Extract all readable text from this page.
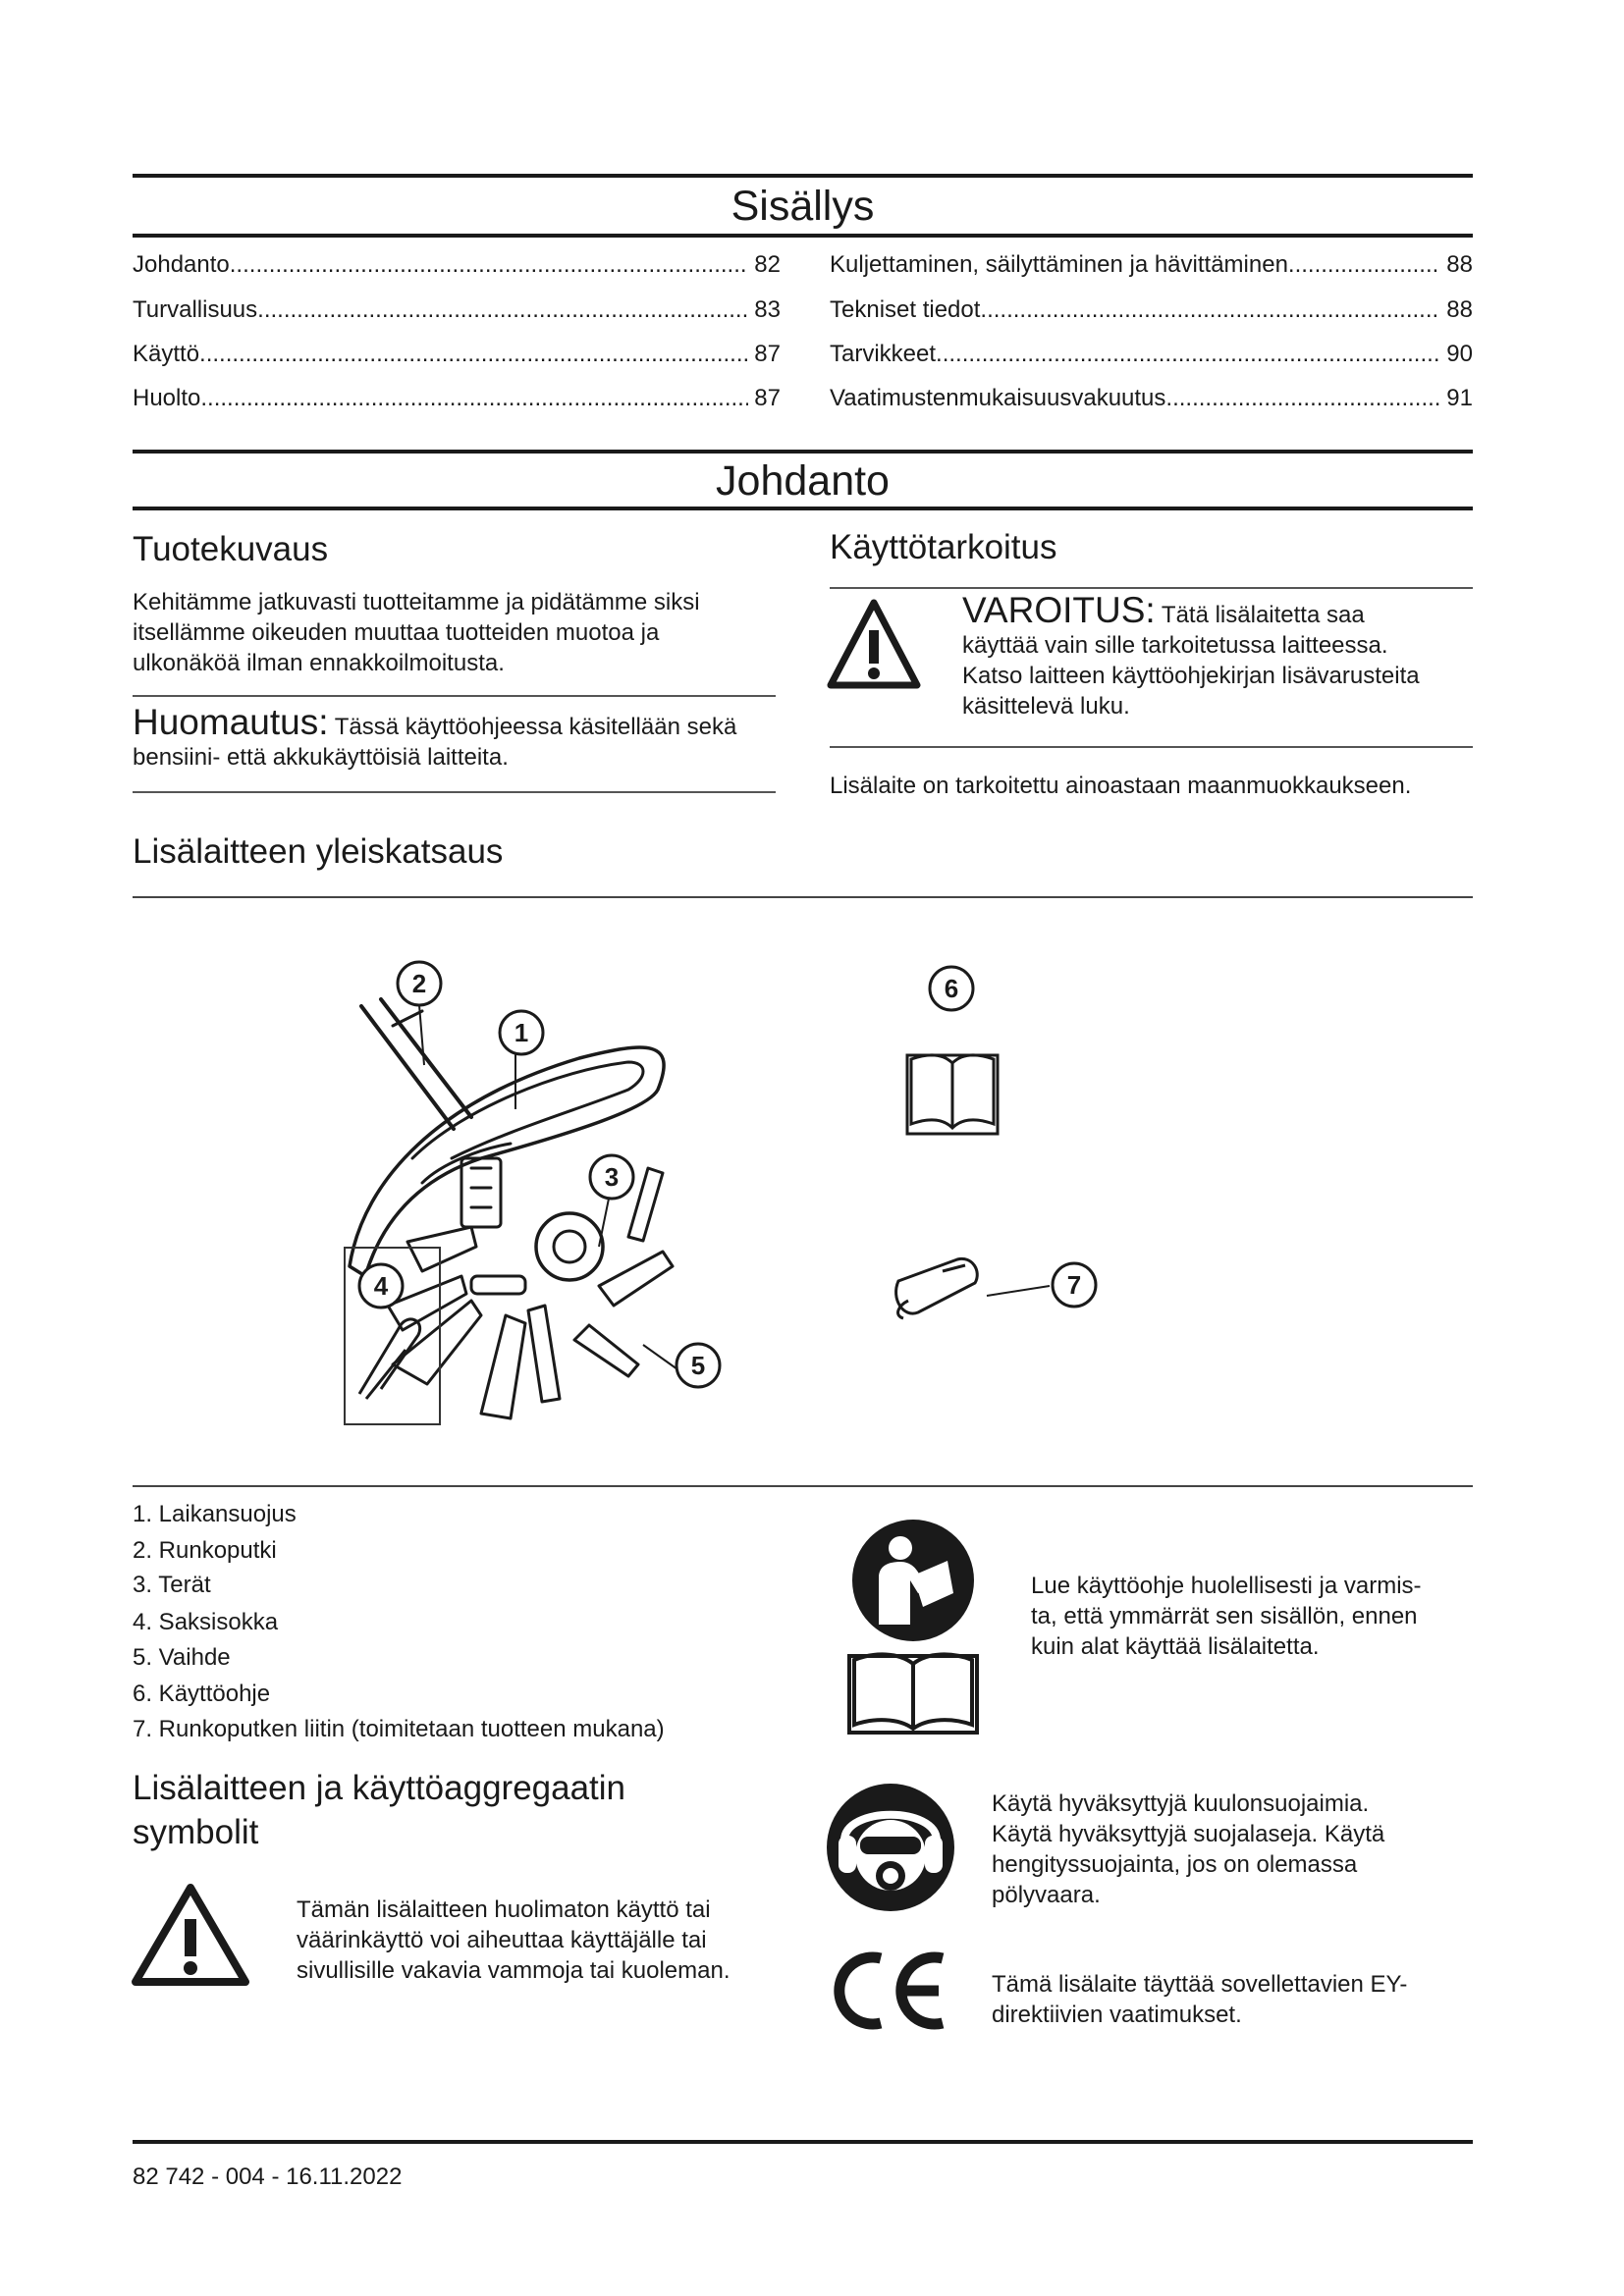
Sisällys
Johdanto .....	82
Turvallisuus .....	83
Käyttö .....	87
Huolto .....	87
Kuljettaminen, säilyttäminen ja hävittäminen .....	88
Tekniset tiedot .....	88
Tarvikkeet .....	90
Vaatimustenmukaisuusvakuutus .....	91
Johdanto
Tuotekuvaus
Kehitämme jatkuvasti tuotteitamme ja pidätämme siksi itsellämme oikeuden muuttaa tuotteiden muotoa ja ulkonäköä ilman ennakkoilmoitusta.
Huomautus: Tässä käyttöohjeessa käsitellään sekä bensiini- että akkukäyttöisiä laitteita.
Käyttötarkoitus
VAROITUS: Tätä lisälaitetta saa
käyttää vain sille tarkoitetussa laitteessa.
Katso laitteen käyttöohjekirjan lisävarusteita
käsittelevä luku.
Lisälaite on tarkoitettu ainoastaan maanmuokkaukseen.
Lisälaitteen yleiskatsaus
2
1
3
4
5
6
7
1. Laikansuojus
2. Runkoputki
3. Terät
4. Saksisokka
5. Vaihde
6. Käyttöohje
7. Runkoputken liitin (toimitetaan tuotteen mukana)
Lisälaitteen ja käyttöaggregaatin
symbolit
Tämän lisälaitteen huolimaton käyttö tai
väärinkäyttö voi aiheuttaa käyttäjälle tai
sivullisille vakavia vammoja tai kuoleman.
Lue käyttöohje huolellisesti ja varmis-
ta, että ymmärrät sen sisällön, ennen
kuin alat käyttää lisälaitetta.
Käytä hyväksyttyjä kuulonsuojaimia.
Käytä hyväksyttyjä suojalaseja. Käytä
hengityssuojainta, jos on olemassa
pölyvaara.
Tämä lisälaite täyttää sovellettavien EY-
direktiivien vaatimukset.
82 742 - 004 - 16.11.2022
